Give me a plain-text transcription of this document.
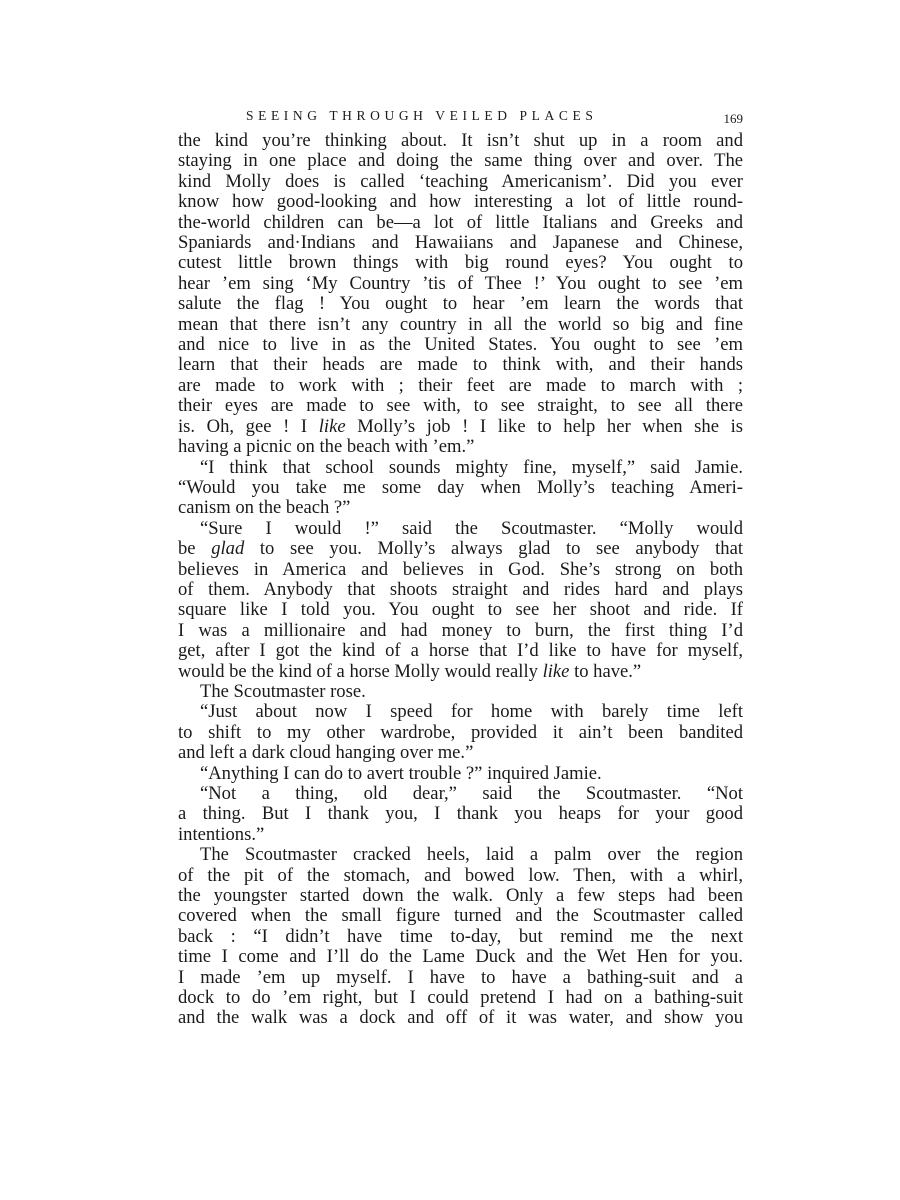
SEEING THROUGH VEILED PLACES	169
the kind you’re thinking about. It isn’t shut up in a room and
staying in one place and doing the same thing over and over. The
kind Molly does is called ‘teaching Americanism’. Did you ever
know how good-looking and how interesting a lot of little round-
the-world children can be—a lot of little Italians and Greeks and
Spaniards and·Indians and Hawaiians and Japanese and Chinese,
cutest little brown things with big round eyes? You ought to
hear ’em sing ‘My Country ’tis of Thee !’ You ought to see ’em
salute the flag ! You ought to hear ’em learn the words that
mean that there isn’t any country in all the world so big and fine
and nice to live in as the United States. You ought to see ’em
learn that their heads are made to think with, and their hands
are made to work with ; their feet are made to march with ;
their eyes are made to see with, to see straight, to see all there
is. Oh, gee ! I like Molly’s job ! I like to help her when she is
having a picnic on the beach with ’em.”
“I think that school sounds mighty fine, myself,” said Jamie.
“Would you take me some day when Molly’s teaching Ameri-
canism on the beach ?”
“Sure I would !” said the Scoutmaster. “Molly would
be glad to see you. Molly’s always glad to see anybody that
believes in America and believes in God. She’s strong on both
of them. Anybody that shoots straight and rides hard and plays
square like I told you. You ought to see her shoot and ride. If
I was a millionaire and had money to burn, the first thing I’d
get, after I got the kind of a horse that I’d like to have for myself,
would be the kind of a horse Molly would really like to have.”
The Scoutmaster rose.
“Just about now I speed for home with barely time left
to shift to my other wardrobe, provided it ain’t been bandited
and left a dark cloud hanging over me.”
“Anything I can do to avert trouble ?” inquired Jamie.
“Not a thing, old dear,” said the Scoutmaster. “Not
a thing. But I thank you, I thank you heaps for your good
intentions.”
The Scoutmaster cracked heels, laid a palm over the region
of the pit of the stomach, and bowed low. Then, with a whirl,
the youngster started down the walk. Only a few steps had been
covered when the small figure turned and the Scoutmaster called
back : “I didn’t have time to-day, but remind me the next
time I come and I’ll do the Lame Duck and the Wet Hen for you.
I made ’em up myself. I have to have a bathing-suit and a
dock to do ’em right, but I could pretend I had on a bathing-suit
and the walk was a dock and off of it was water, and show you
